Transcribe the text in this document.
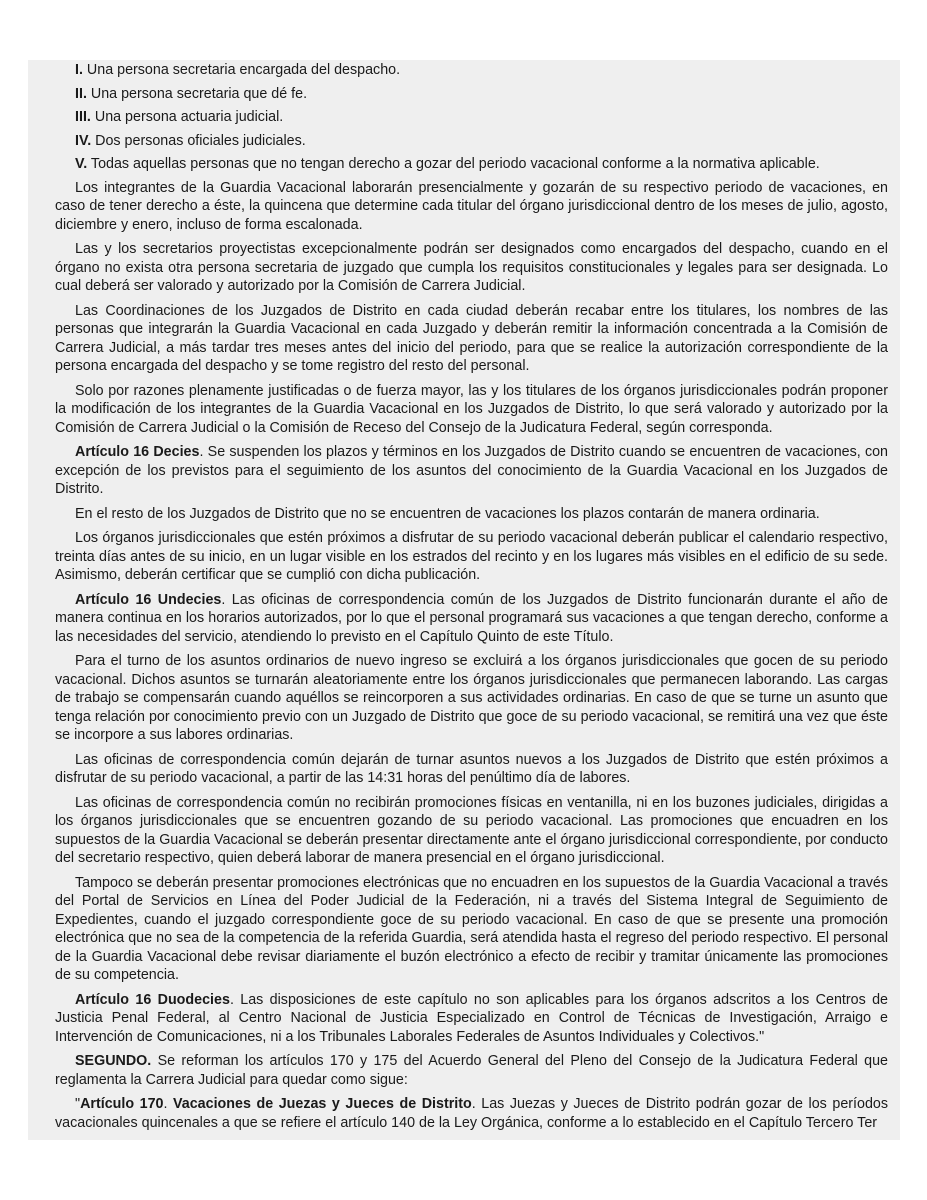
I. Una persona secretaria encargada del despacho.

II. Una persona secretaria que dé fe.

III. Una persona actuaria judicial.

IV. Dos personas oficiales judiciales.

V. Todas aquellas personas que no tengan derecho a gozar del periodo vacacional conforme a la normativa aplicable.

Los integrantes de la Guardia Vacacional laborarán presencialmente y gozarán de su respectivo periodo de vacaciones, en caso de tener derecho a éste, la quincena que determine cada titular del órgano jurisdiccional dentro de los meses de julio, agosto, diciembre y enero, incluso de forma escalonada.

Las y los secretarios proyectistas excepcionalmente podrán ser designados como encargados del despacho, cuando en el órgano no exista otra persona secretaria de juzgado que cumpla los requisitos constitucionales y legales para ser designada. Lo cual deberá ser valorado y autorizado por la Comisión de Carrera Judicial.

Las Coordinaciones de los Juzgados de Distrito en cada ciudad deberán recabar entre los titulares, los nombres de las personas que integrarán la Guardia Vacacional en cada Juzgado y deberán remitir la información concentrada a la Comisión de Carrera Judicial, a más tardar tres meses antes del inicio del periodo, para que se realice la autorización correspondiente de la persona encargada del despacho y se tome registro del resto del personal.

Solo por razones plenamente justificadas o de fuerza mayor, las y los titulares de los órganos jurisdiccionales podrán proponer la modificación de los integrantes de la Guardia Vacacional en los Juzgados de Distrito, lo que será valorado y autorizado por la Comisión de Carrera Judicial o la Comisión de Receso del Consejo de la Judicatura Federal, según corresponda.

Artículo 16 Decies. Se suspenden los plazos y términos en los Juzgados de Distrito cuando se encuentren de vacaciones, con excepción de los previstos para el seguimiento de los asuntos del conocimiento de la Guardia Vacacional en los Juzgados de Distrito.

En el resto de los Juzgados de Distrito que no se encuentren de vacaciones los plazos contarán de manera ordinaria.

Los órganos jurisdiccionales que estén próximos a disfrutar de su periodo vacacional deberán publicar el calendario respectivo, treinta días antes de su inicio, en un lugar visible en los estrados del recinto y en los lugares más visibles en el edificio de su sede. Asimismo, deberán certificar que se cumplió con dicha publicación.

Artículo 16 Undecies. Las oficinas de correspondencia común de los Juzgados de Distrito funcionarán durante el año de manera continua en los horarios autorizados, por lo que el personal programará sus vacaciones a que tengan derecho, conforme a las necesidades del servicio, atendiendo lo previsto en el Capítulo Quinto de este Título.

Para el turno de los asuntos ordinarios de nuevo ingreso se excluirá a los órganos jurisdiccionales que gocen de su periodo vacacional. Dichos asuntos se turnarán aleatoriamente entre los órganos jurisdiccionales que permanecen laborando. Las cargas de trabajo se compensarán cuando aquéllos se reincorporen a sus actividades ordinarias. En caso de que se turne un asunto que tenga relación por conocimiento previo con un Juzgado de Distrito que goce de su periodo vacacional, se remitirá una vez que éste se incorpore a sus labores ordinarias.

Las oficinas de correspondencia común dejarán de turnar asuntos nuevos a los Juzgados de Distrito que estén próximos a disfrutar de su periodo vacacional, a partir de las 14:31 horas del penúltimo día de labores.

Las oficinas de correspondencia común no recibirán promociones físicas en ventanilla, ni en los buzones judiciales, dirigidas a los órganos jurisdiccionales que se encuentren gozando de su periodo vacacional. Las promociones que encuadren en los supuestos de la Guardia Vacacional se deberán presentar directamente ante el órgano jurisdiccional correspondiente, por conducto del secretario respectivo, quien deberá laborar de manera presencial en el órgano jurisdiccional.

Tampoco se deberán presentar promociones electrónicas que no encuadren en los supuestos de la Guardia Vacacional a través del Portal de Servicios en Línea del Poder Judicial de la Federación, ni a través del Sistema Integral de Seguimiento de Expedientes, cuando el juzgado correspondiente goce de su periodo vacacional. En caso de que se presente una promoción electrónica que no sea de la competencia de la referida Guardia, será atendida hasta el regreso del periodo respectivo. El personal de la Guardia Vacacional debe revisar diariamente el buzón electrónico a efecto de recibir y tramitar únicamente las promociones de su competencia.

Artículo 16 Duodecies. Las disposiciones de este capítulo no son aplicables para los órganos adscritos a los Centros de Justicia Penal Federal, al Centro Nacional de Justicia Especializado en Control de Técnicas de Investigación, Arraigo e Intervención de Comunicaciones, ni a los Tribunales Laborales Federales de Asuntos Individuales y Colectivos."

SEGUNDO. Se reforman los artículos 170 y 175 del Acuerdo General del Pleno del Consejo de la Judicatura Federal que reglamenta la Carrera Judicial para quedar como sigue:

"Artículo 170. Vacaciones de Juezas y Jueces de Distrito. Las Juezas y Jueces de Distrito podrán gozar de los períodos vacacionales quincenales a que se refiere el artículo 140 de la Ley Orgánica, conforme a lo establecido en el Capítulo Tercero Ter
